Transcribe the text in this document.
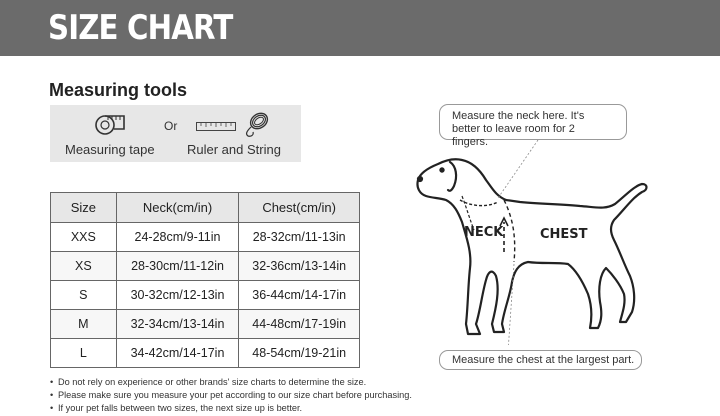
SIZE CHART
Measuring tools
Or
Measuring tape Ruler and String
Size	Neck(cm/in)	Chest(cm/in)
XXS	24-28cm/9-11in	28-32cm/11-13in
XS	28-30cm/11-12in	32-36cm/13-14in
S	30-32cm/12-13in	36-44cm/14-17in
M	32-34cm/13-14in	44-48cm/17-19in
L	34-42cm/14-17in	48-54cm/19-21in
Measure the neck here. It's better to leave room for 2 fingers.
NECK	CHEST
Measure the chest at the largest part.
• Do not rely on experience or other brands' size charts to determine the size.
• Please make sure you measure your pet according to our size chart before purchasing.
• If your pet falls between two sizes, the next size up is better.
